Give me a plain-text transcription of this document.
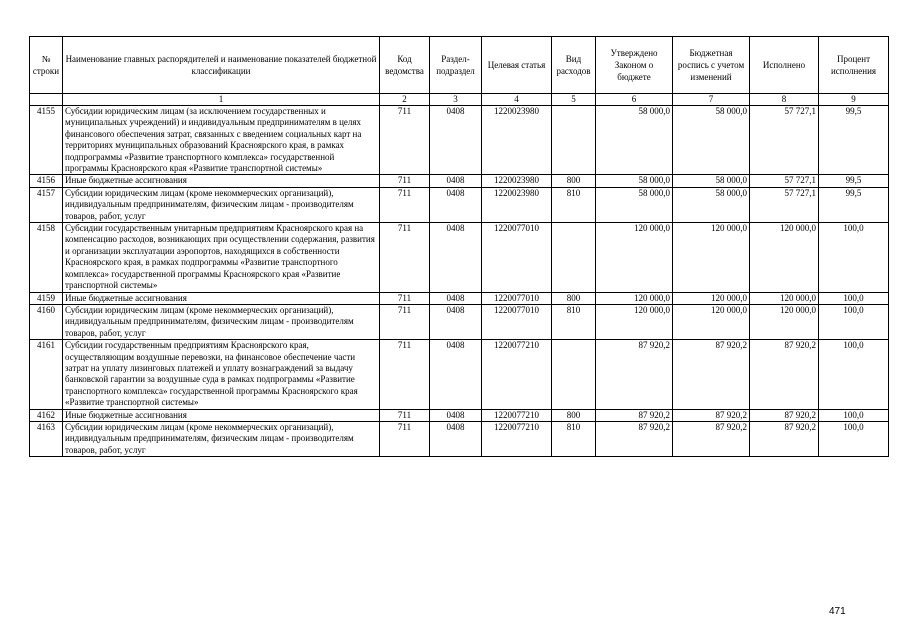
№ строки	Наименование главных распорядителей и наименование показателей бюджетной классификации	Код ведомства	Раздел-подраздел	Целевая статья	Вид расходов	Утверждено Законом о бюджете	Бюджетная роспись с учетом изменений	Исполнено	Процент исполнения
	1	2	3	4	5	6	7	8	9
4155	Субсидии юридическим лицам (за исключением государственных и муниципальных учреждений) и индивидуальным предпринимателям в целях финансового обеспечения затрат, связанных с введением социальных карт на территориях муниципальных образований Красноярского края, в рамках подпрограммы «Развитие транспортного комплекса» государственной программы Красноярского края «Развитие транспортной системы»	711	0408	1220023980		58 000,0	58 000,0	57 727,1	99,5
4156	Иные бюджетные ассигнования	711	0408	1220023980	800	58 000,0	58 000,0	57 727,1	99,5
4157	Субсидии юридическим лицам (кроме некоммерческих организаций), индивидуальным предпринимателям, физическим лицам - производителям товаров, работ, услуг	711	0408	1220023980	810	58 000,0	58 000,0	57 727,1	99,5
4158	Субсидии государственным унитарным предприятиям Красноярского края на компенсацию расходов, возникающих при осуществлении содержания, развития и организации эксплуатации аэропортов, находящихся в собственности Красноярского края, в рамках подпрограммы «Развитие транспортного комплекса» государственной программы Красноярского края «Развитие транспортной системы»	711	0408	1220077010		120 000,0	120 000,0	120 000,0	100,0
4159	Иные бюджетные ассигнования	711	0408	1220077010	800	120 000,0	120 000,0	120 000,0	100,0
4160	Субсидии юридическим лицам (кроме некоммерческих организаций), индивидуальным предпринимателям, физическим лицам - производителям товаров, работ, услуг	711	0408	1220077010	810	120 000,0	120 000,0	120 000,0	100,0
4161	Субсидии государственным предприятиям Красноярского края, осуществляющим воздушные перевозки, на финансовое обеспечение части затрат на уплату лизинговых платежей и уплату вознаграждений за выдачу банковской гарантии за воздушные суда в рамках подпрограммы «Развитие транспортного комплекса» государственной программы Красноярского края «Развитие транспортной системы»	711	0408	1220077210		87 920,2	87 920,2	87 920,2	100,0
4162	Иные бюджетные ассигнования	711	0408	1220077210	800	87 920,2	87 920,2	87 920,2	100,0
4163	Субсидии юридическим лицам (кроме некоммерческих организаций), индивидуальным предпринимателям, физическим лицам - производителям товаров, работ, услуг	711	0408	1220077210	810	87 920,2	87 920,2	87 920,2	100,0
471
